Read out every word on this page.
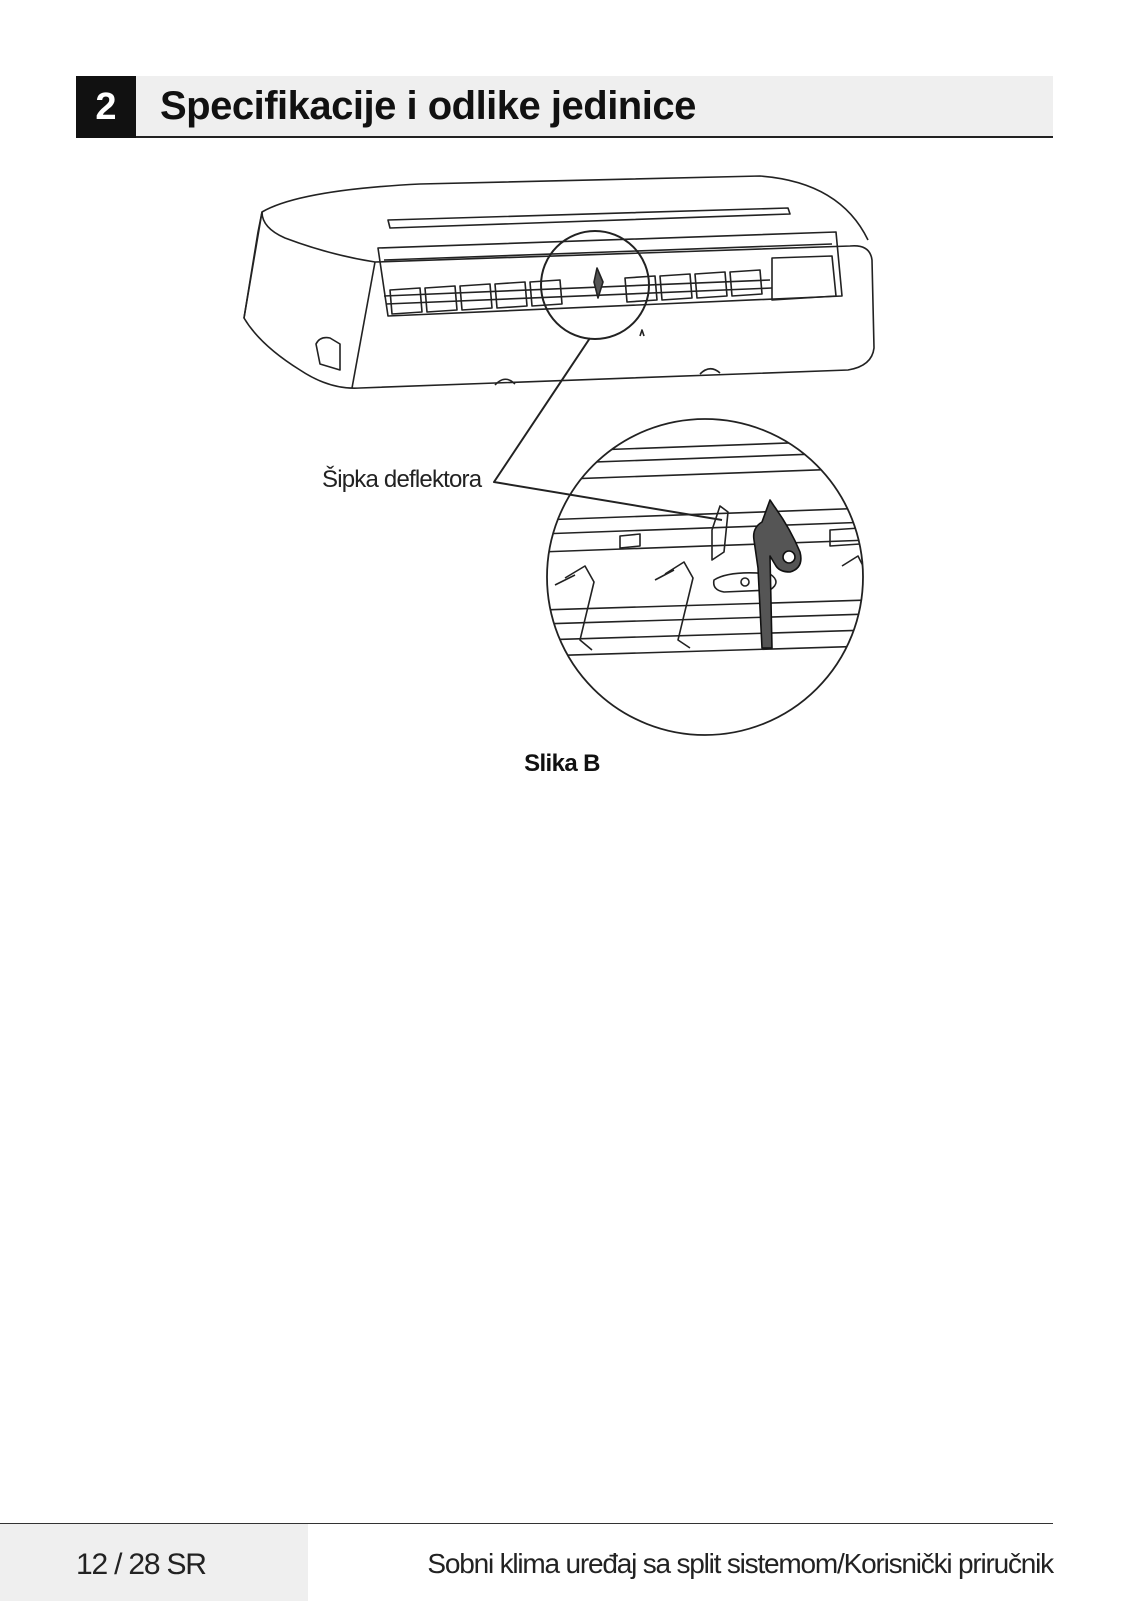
2	Specifikacije i odlike jedinice
Šipka deflektora
Slika B
12 / 28 SR	Sobni klima uređaj sa split sistemom/Korisnički priručnik
